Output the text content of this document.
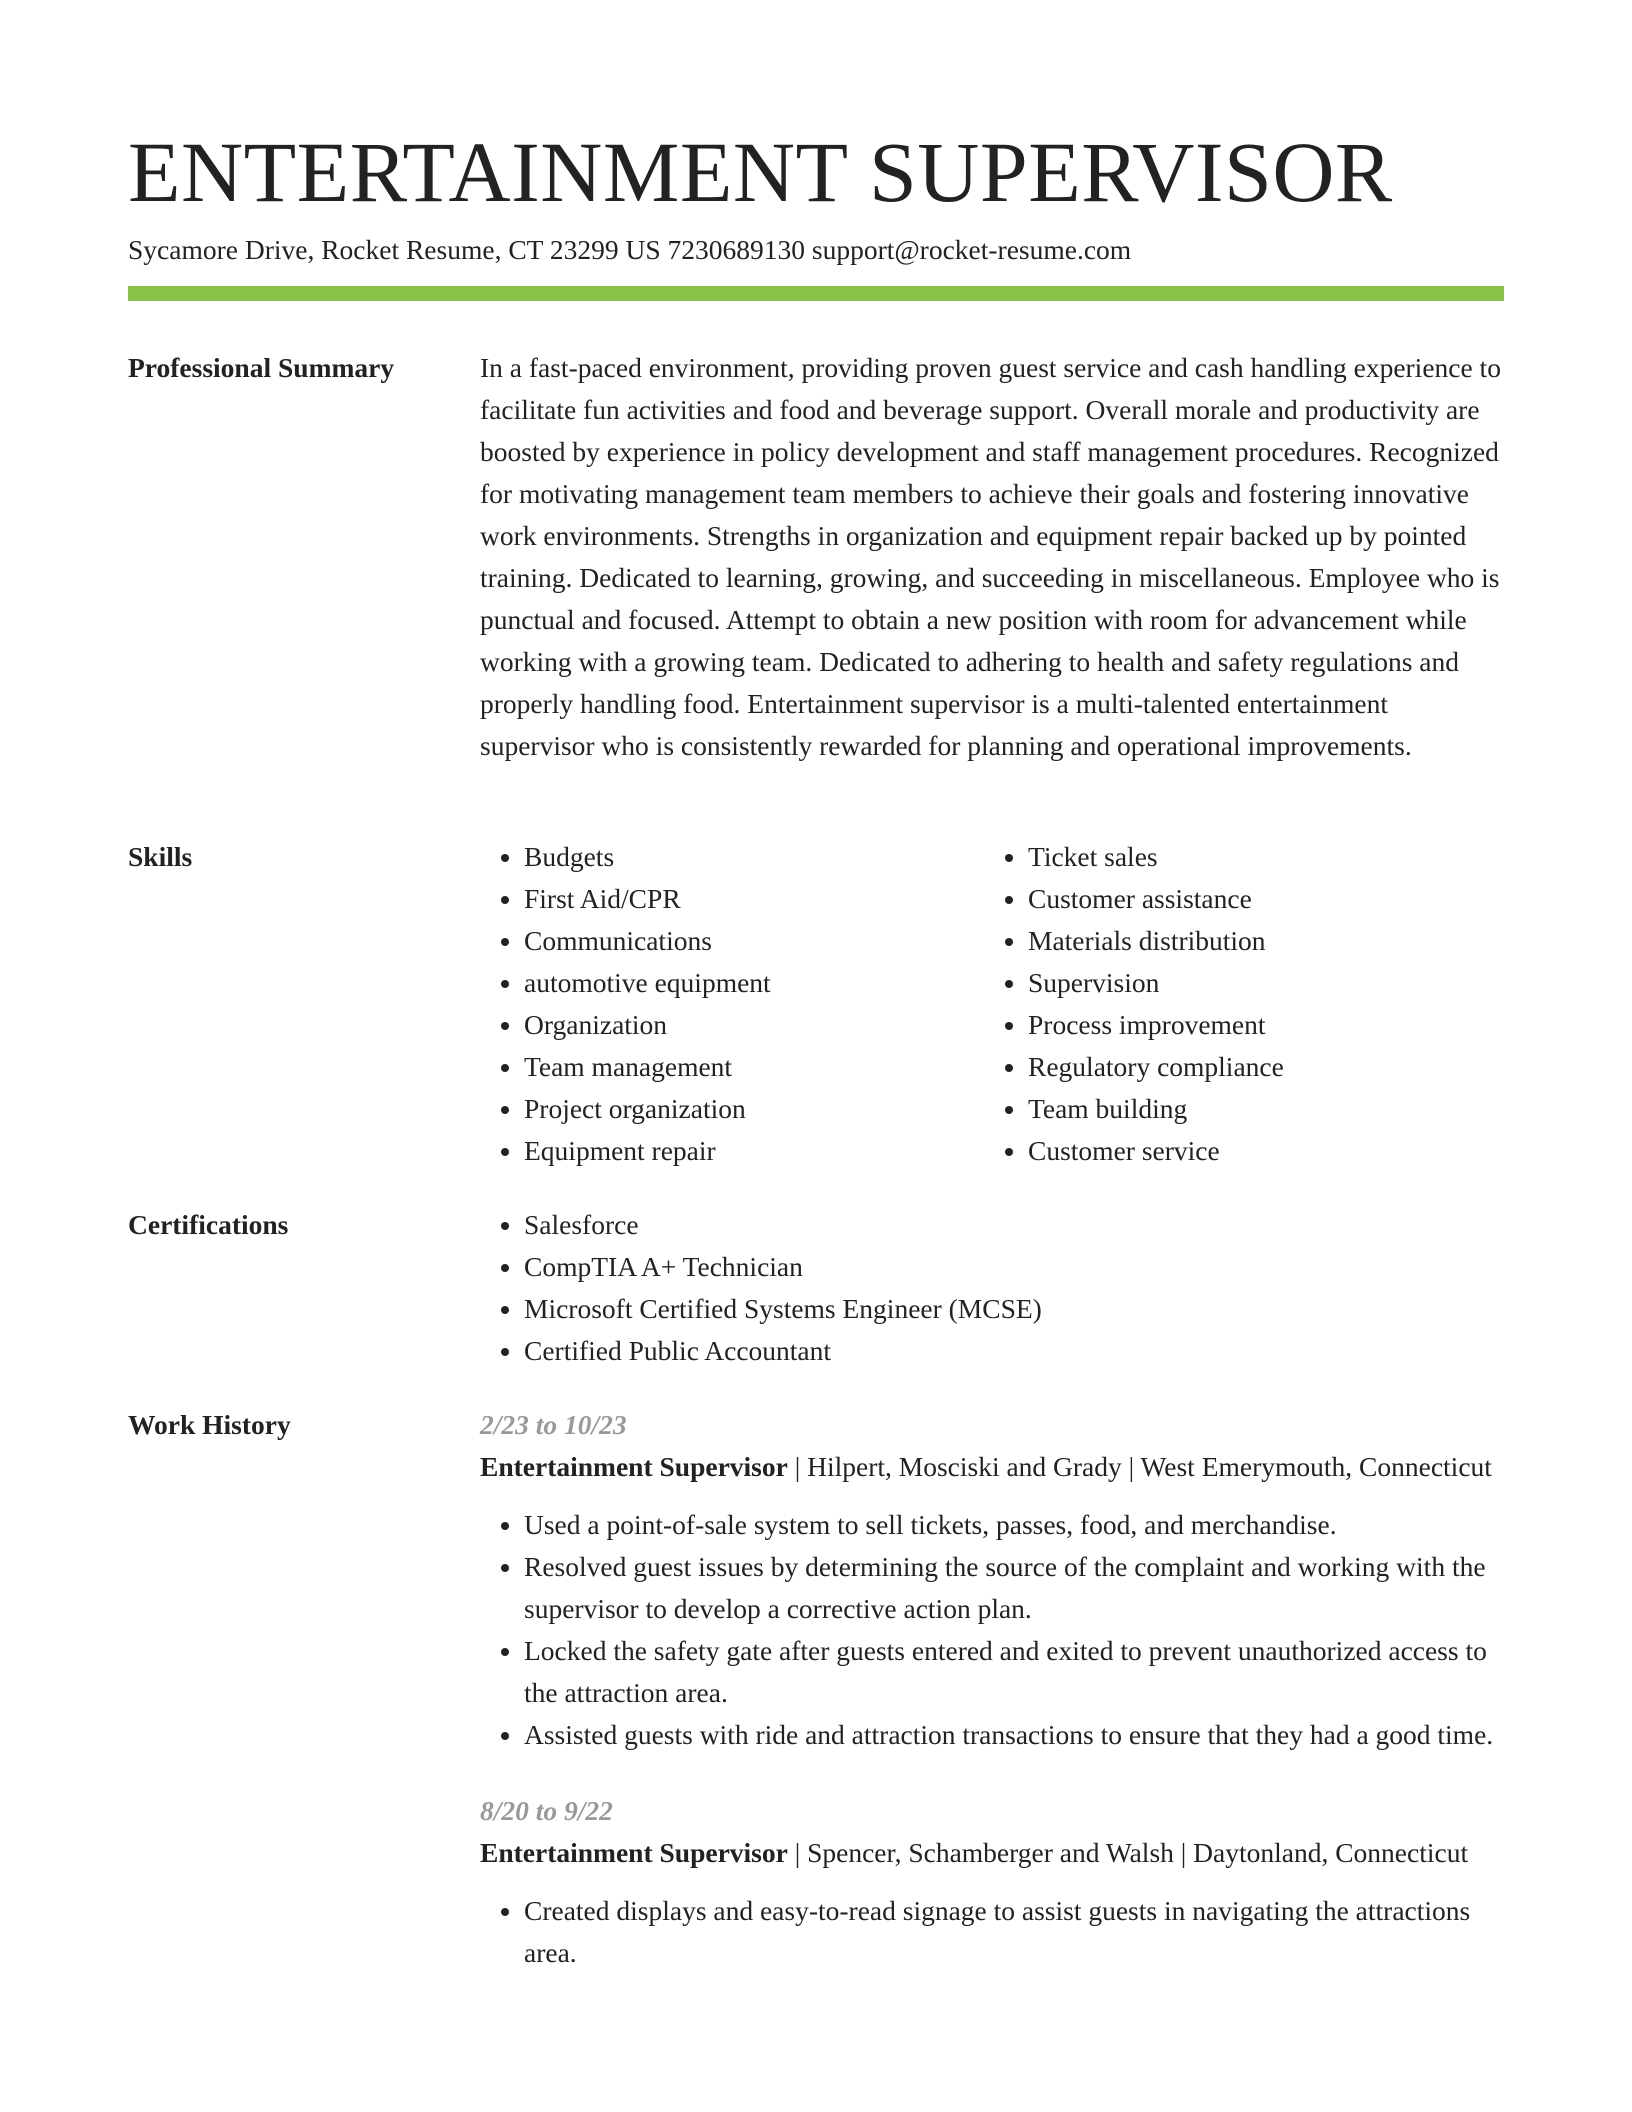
ENTERTAINMENT SUPERVISOR
Sycamore Drive, Rocket Resume, CT 23299 US 7230689130 support@rocket-resume.com
Professional Summary	In a fast-paced environment, providing proven guest service and cash handling experience to facilitate fun activities and food and beverage support. Overall morale and productivity are boosted by experience in policy development and staff management procedures. Recognized for motivating management team members to achieve their goals and fostering innovative work environments. Strengths in organization and equipment repair backed up by pointed training. Dedicated to learning, growing, and succeeding in miscellaneous. Employee who is punctual and focused. Attempt to obtain a new position with room for advancement while working with a growing team. Dedicated to adhering to health and safety regulations and properly handling food. Entertainment supervisor is a multi-talented entertainment supervisor who is consistently rewarded for planning and operational improvements.

Skills	• Budgets
• First Aid/CPR
• Communications
• automotive equipment
• Organization
• Team management
• Project organization
• Equipment repair
• Ticket sales
• Customer assistance
• Materials distribution
• Supervision
• Process improvement
• Regulatory compliance
• Team building
• Customer service
Certifications	• Salesforce
• CompTIA A+ Technician
• Microsoft Certified Systems Engineer (MCSE)
• Certified Public Accountant
Work History	2/23 to 10/23
Entertainment Supervisor | Hilpert, Mosciski and Grady | West Emerymouth, Connecticut
• Used a point-of-sale system to sell tickets, passes, food, and merchandise.
• Resolved guest issues by determining the source of the complaint and working with the supervisor to develop a corrective action plan.
• Locked the safety gate after guests entered and exited to prevent unauthorized access to the attraction area.
• Assisted guests with ride and attraction transactions to ensure that they had a good time.
8/20 to 9/22
Entertainment Supervisor | Spencer, Schamberger and Walsh | Daytonland, Connecticut
• Created displays and easy-to-read signage to assist guests in navigating the attractions area.
